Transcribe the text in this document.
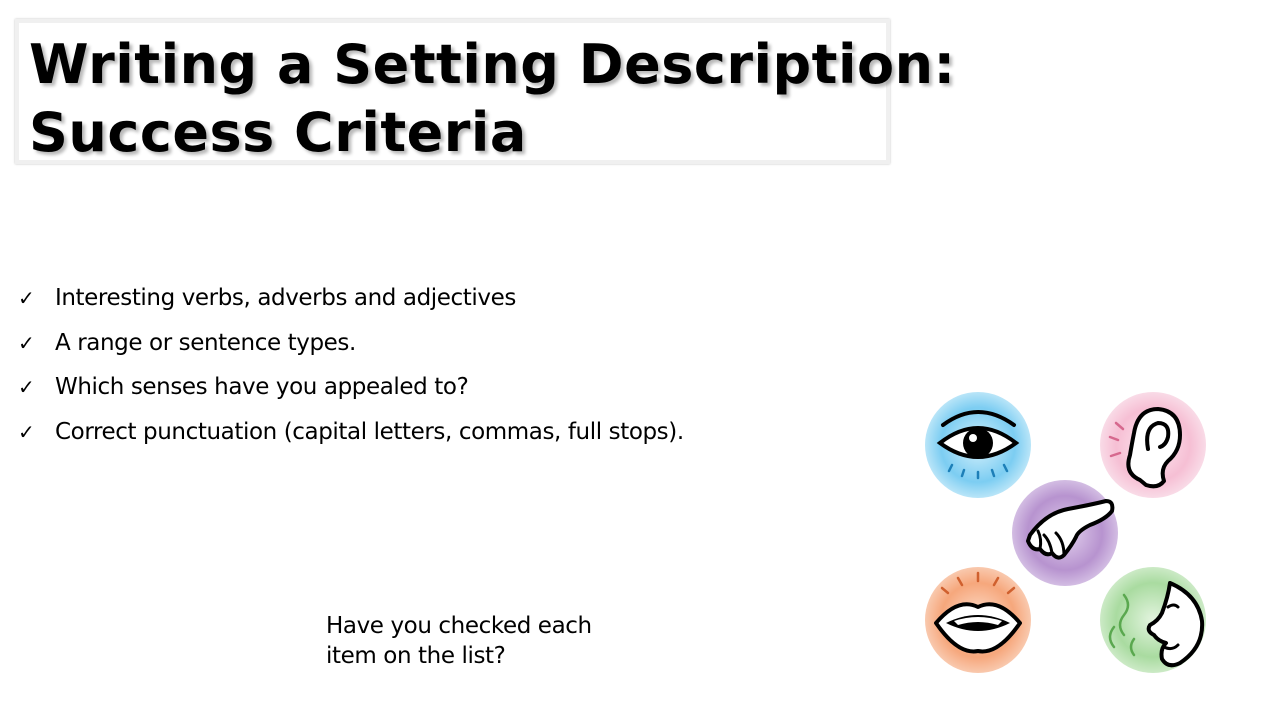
Writing a Setting Description:
Success Criteria
✓ Interesting verbs, adverbs and adjectives
✓ A range or sentence types.
✓ Which senses have you appealed to?
✓ Correct punctuation (capital letters, commas, full stops).
Have you checked each
item on the list?
